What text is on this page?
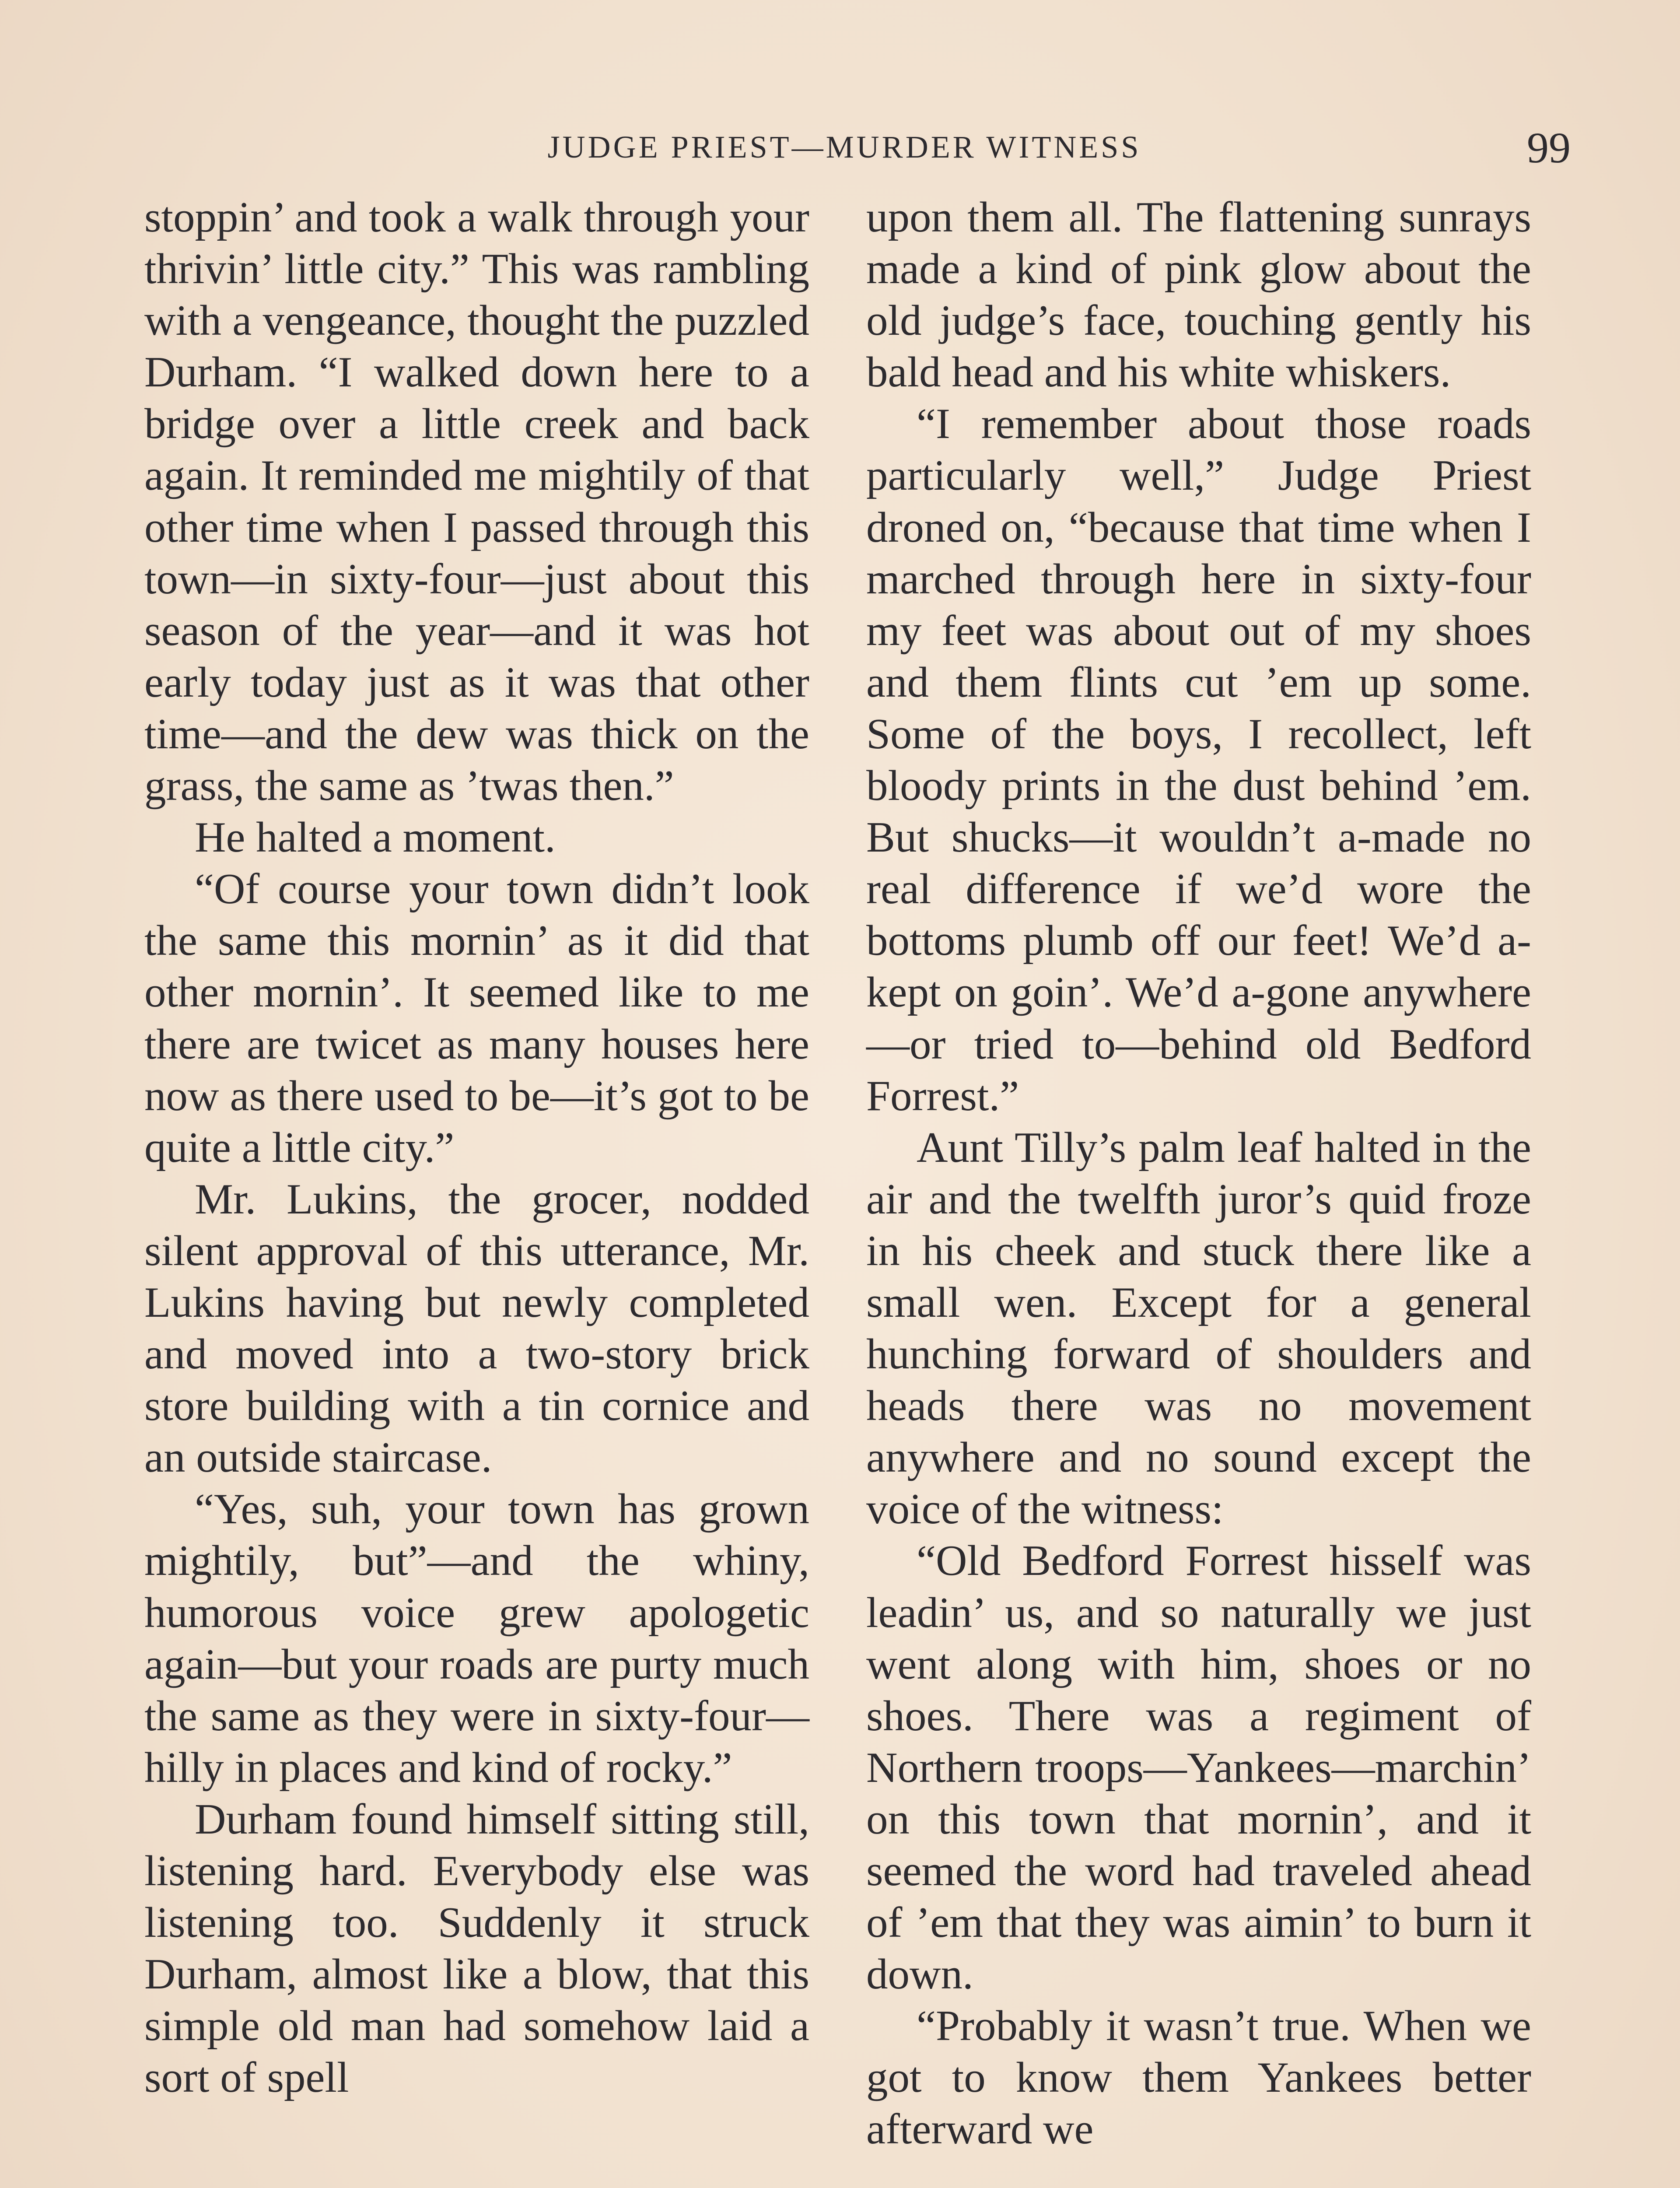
JUDGE PRIEST—MURDER WITNESS	99

stoppin’ and took a walk through your thrivin’ little city.” This was rambling with a vengeance, thought the puzzled Durham. “I walked down here to a bridge over a little creek and back again. It reminded me mightily of that other time when I passed through this town—in sixty-four—just about this season of the year—and it was hot early today just as it was that other time—and the dew was thick on the grass, the same as ’twas then.”

He halted a moment.

“Of course your town didn’t look the same this mornin’ as it did that other mornin’. It seemed like to me there are twicet as many houses here now as there used to be—it’s got to be quite a little city.”

Mr. Lukins, the grocer, nodded silent approval of this utterance, Mr. Lukins having but newly completed and moved into a two-story brick store building with a tin cornice and an outside staircase.

“Yes, suh, your town has grown mightily, but”—and the whiny, humorous voice grew apologetic again—but your roads are purty much the same as they were in sixty-four—hilly in places and kind of rocky.”

Durham found himself sitting still, listening hard. Everybody else was listening too. Suddenly it struck Durham, almost like a blow, that this simple old man had somehow laid a sort of spell

upon them all. The flattening sunrays made a kind of pink glow about the old judge’s face, touching gently his bald head and his white whiskers.

“I remember about those roads particularly well,” Judge Priest droned on, “because that time when I marched through here in sixty-four my feet was about out of my shoes and them flints cut ’em up some. Some of the boys, I recollect, left bloody prints in the dust behind ’em. But shucks—it wouldn’t a-made no real difference if we’d wore the bottoms plumb off our feet! We’d a-kept on goin’. We’d a-gone anywhere—or tried to—behind old Bedford Forrest.”

Aunt Tilly’s palm leaf halted in the air and the twelfth juror’s quid froze in his cheek and stuck there like a small wen. Except for a general hunching forward of shoulders and heads there was no movement anywhere and no sound except the voice of the witness:

“Old Bedford Forrest hisself was leadin’ us, and so naturally we just went along with him, shoes or no shoes. There was a regiment of Northern troops—Yankees—marchin’ on this town that mornin’, and it seemed the word had traveled ahead of ’em that they was aimin’ to burn it down.

“Probably it wasn’t true. When we got to know them Yankees better afterward we
